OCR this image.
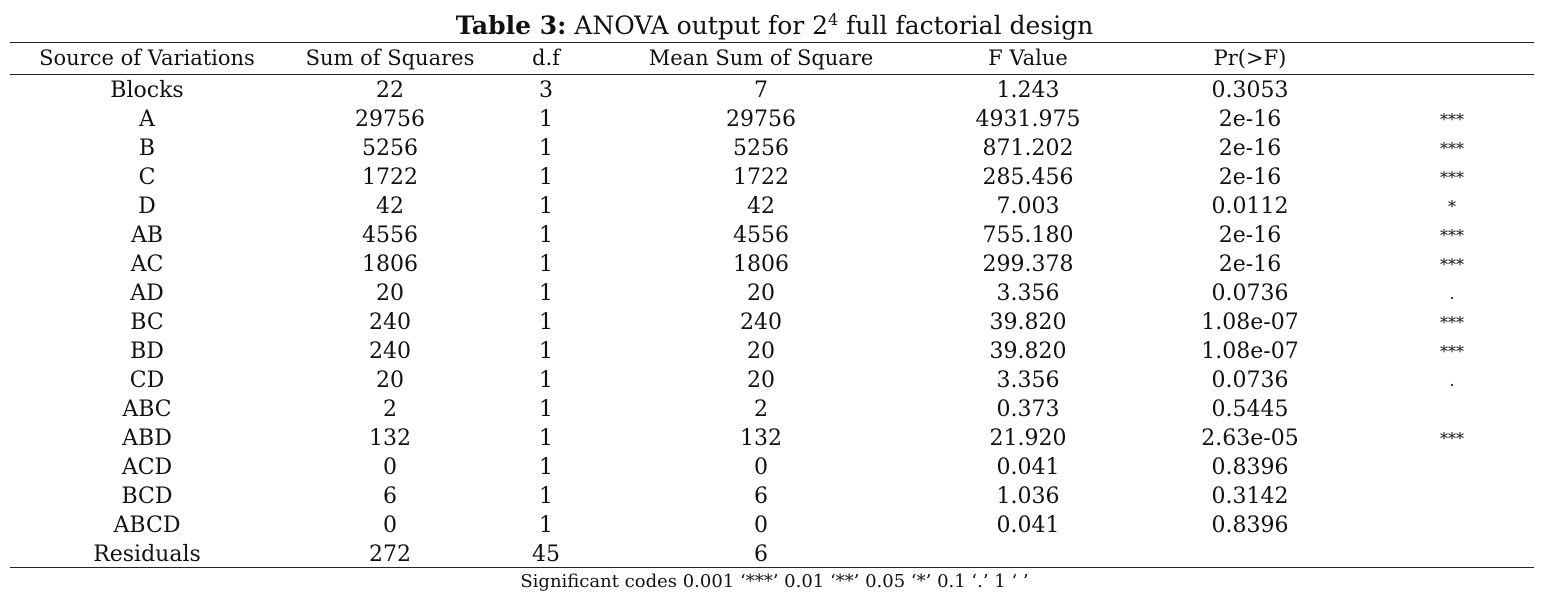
Table 3: ANOVA output for $2^4$ full factorial design
Source of Variations	Sum of Squares	d.f	Mean Sum of Square	F Value	Pr(>F)	
Blocks	22	3	7	1.243	0.3053	
A	29756	1	29756	4931.975	2e-16	***
B	5256	1	5256	871.202	2e-16	***
C	1722	1	1722	285.456	2e-16	***
D	42	1	42	7.003	0.0112	*
AB	4556	1	4556	755.180	2e-16	***
AC	1806	1	1806	299.378	2e-16	***
AD	20	1	20	3.356	0.0736	.
BC	240	1	240	39.820	1.08e-07	***
BD	240	1	20	39.820	1.08e-07	***
CD	20	1	20	3.356	0.0736	.
ABC	2	1	2	0.373	0.5445	
ABD	132	1	132	21.920	2.63e-05	***
ACD	0	1	0	0.041	0.8396	
BCD	6	1	6	1.036	0.3142	
ABCD	0	1	0	0.041	0.8396	
Residuals	272	45	6			
Significant codes 0.001 ‘***’ 0.01 ‘**’ 0.05 ‘*’ 0.1 ‘.’ 1 ‘ ’
